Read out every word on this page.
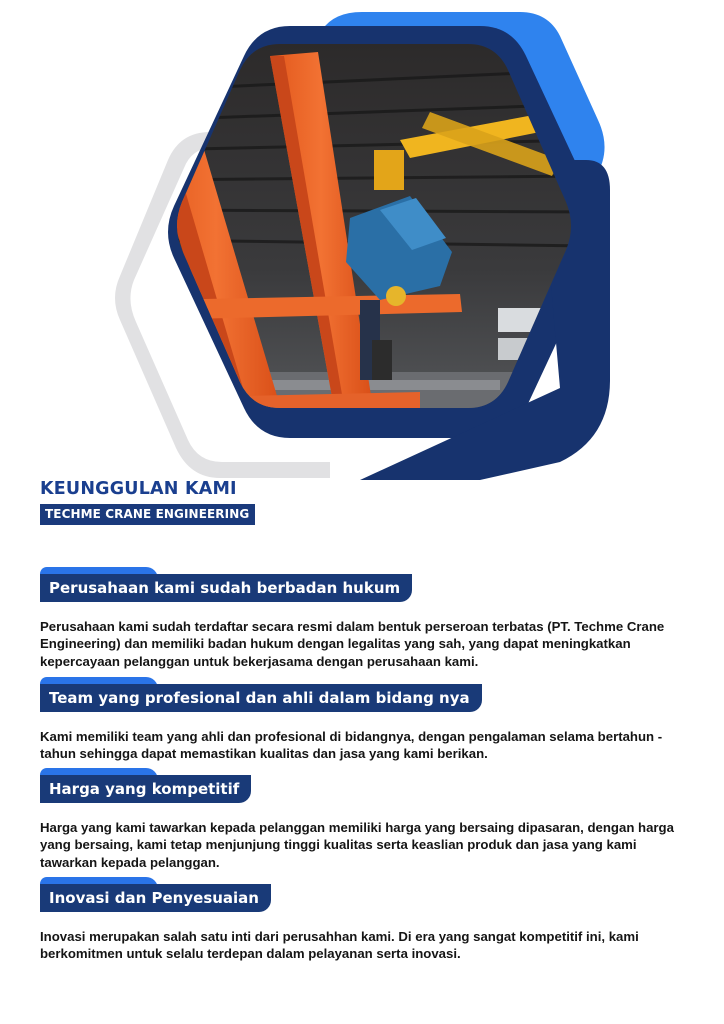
KEUNGGULAN KAMI
TECHME CRANE ENGINEERING
Perusahaan kami sudah berbadan hukum

Perusahaan kami sudah terdaftar secara resmi dalam bentuk perseroan terbatas (PT. Techme Crane Engineering) dan memiliki badan hukum dengan legalitas yang sah, yang dapat meningkatkan kepercayaan pelanggan untuk bekerjasama dengan perusahaan kami.

Team yang profesional dan ahli dalam bidang nya

Kami memiliki team yang ahli dan profesional di bidangnya, dengan pengalaman selama bertahun - tahun sehingga dapat memastikan kualitas dan jasa yang kami berikan.

Harga yang kompetitif

Harga yang kami tawarkan kepada pelanggan memiliki harga yang bersaing dipasaran, dengan harga yang bersaing, kami tetap menjunjung tinggi kualitas serta keaslian produk dan jasa yang kami tawarkan kepada pelanggan.

Inovasi dan Penyesuaian

Inovasi merupakan salah satu inti dari perusahhan kami. Di era yang sangat kompetitif ini, kami berkomitmen untuk selalu terdepan dalam pelayanan serta inovasi.
